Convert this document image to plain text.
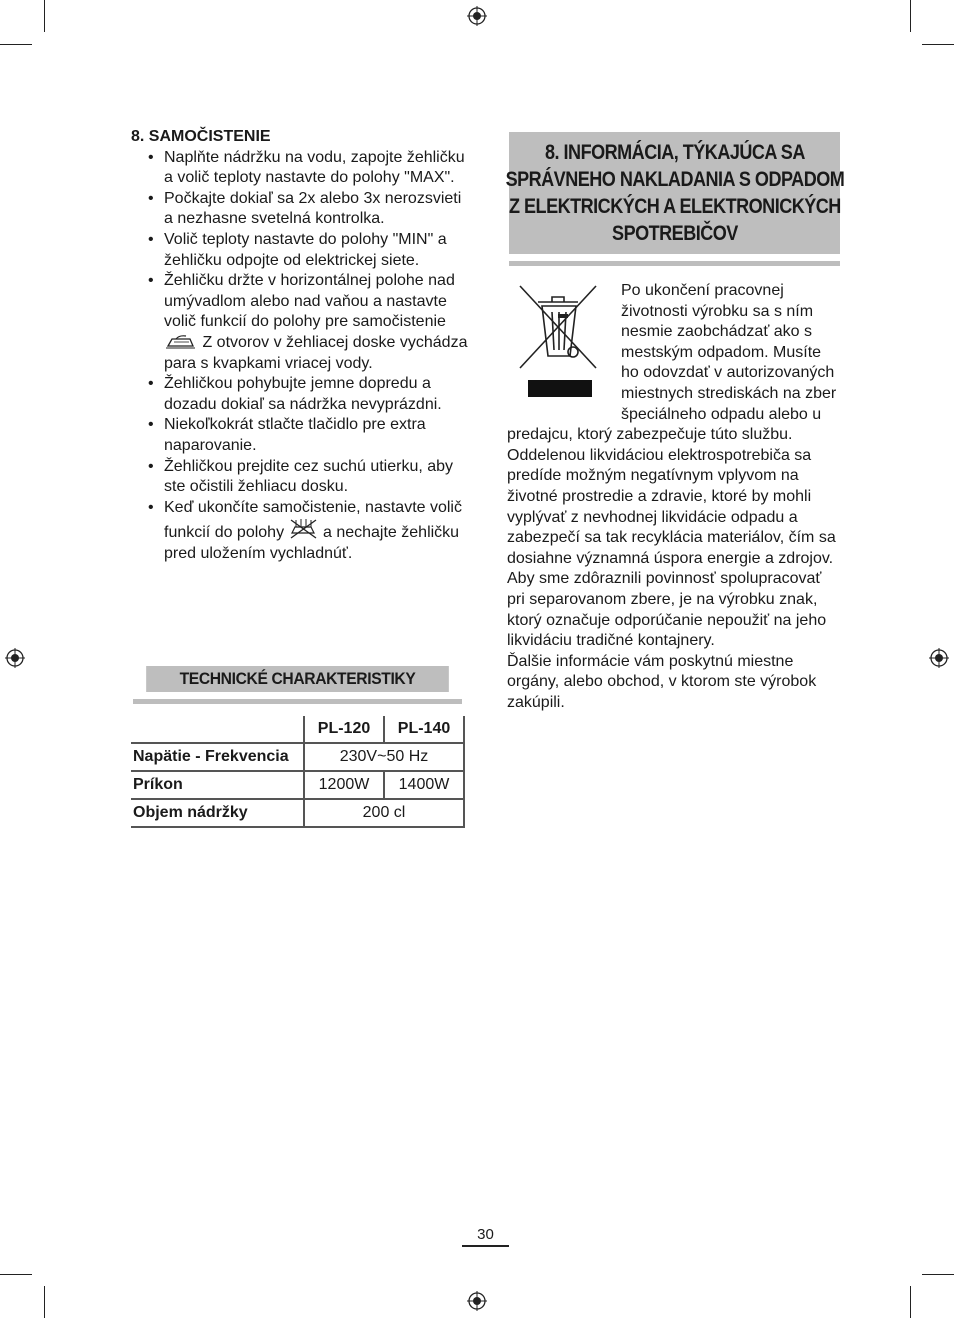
8. SAMOČISTENIE
• Naplňte nádržku na vodu, zapojte žehličku a volič teploty nastavte do polohy "MAX".
• Počkajte dokiaľ sa 2x alebo 3x nerozsvieti a nezhasne svetelná kontrolka.
• Volič teploty nastavte do polohy "MIN" a žehličku odpojte od elektrickej siete.
• Žehličku držte v horizontálnej polohe nad umývadlom alebo nad vaňou a nastavte volič funkcií do polohy pre samočistenie  Z otvorov v žehliacej doske vychádza para s kvapkami vriacej vody.
• Žehličkou pohybujte jemne dopredu a dozadu dokiaľ sa nádržka nevyprázdni.
• Niekoľkokrát stlačte tlačidlo pre extra naparovanie.
• Žehličkou prejdite cez suchú utierku, aby ste očistili žehliacu dosku.
• Keď ukončíte samočistenie, nastavte volič funkcií do polohy a nechajte žehličku pred uložením vychladnúť.
TECHNICKÉ CHARAKTERISTIKY
	PL-120	PL-140
Napätie - Frekvencia	230V~50 Hz	
Príkon	1200W	1400W
Objem nádržky	200 cl	
8. INFORMÁCIA, TÝKAJÚCA SA
SPRÁVNEHO NAKLADANIA S ODPADOM
Z ELEKTRICKÝCH A ELEKTRONICKÝCH
SPOTREBIČOV
Po ukončení pracovnej životnosti výrobku sa s ním nesmie zaobchádzať ako s mestským odpadom. Musíte ho odovzdať v autorizovaných miestnych strediskách na zber špeciálneho odpadu alebo u predajcu, ktorý zabezpečuje túto službu. Oddelenou likvidáciou elektrospotrebiča sa predíde možným negatívnym vplyvom na životné prostredie a zdravie, ktoré by mohli vyplývať z nevhodnej likvidácie odpadu a zabezpečí sa tak recyklácia materiálov, čím sa dosiahne významná úspora energie a zdrojov.
Aby sme zdôraznili povinnosť spolupracovať pri separovanom zbere, je na výrobku znak, ktorý označuje odporúčanie nepoužiť na jeho likvidáciu tradičné kontajnery.
Ďalšie informácie vám poskytnú miestne orgány, alebo obchod, v ktorom ste výrobok zakúpili.
30
